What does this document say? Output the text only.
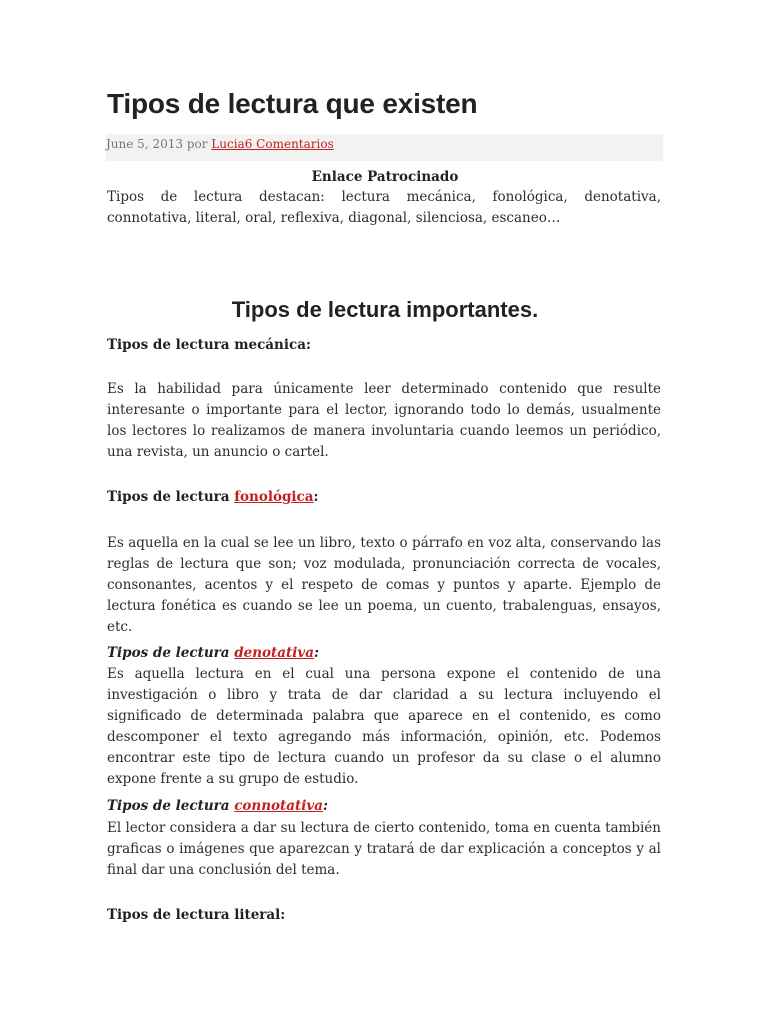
Tipos de lectura que existen
June 5, 2013 por Lucia6 Comentarios
Enlace Patrocinado

Tipos de lectura destacan: lectura mecánica, fonológica, denotativa, connotativa, literal, oral, reflexiva, diagonal, silenciosa, escaneo…

Tipos de lectura importantes.

Tipos de lectura mecánica:

Es la habilidad para únicamente leer determinado contenido que resulte interesante o importante para el lector, ignorando todo lo demás, usualmente los lectores lo realizamos de manera involuntaria cuando leemos un periódico, una revista, un anuncio o cartel.

Tipos de lectura fonológica:

Es aquella en la cual se lee un libro, texto o párrafo en voz alta, conservando las reglas de lectura que son; voz modulada, pronunciación correcta de vocales, consonantes, acentos y el respeto de comas y puntos y aparte. Ejemplo de lectura fonética es cuando se lee un poema, un cuento, trabalenguas, ensayos, etc.

Tipos de lectura denotativa:

Es aquella lectura en el cual una persona expone el contenido de una investigación o libro y trata de dar claridad a su lectura incluyendo el significado de determinada palabra que aparece en el contenido, es como descomponer el texto agregando más información, opinión, etc. Podemos encontrar este tipo de lectura cuando un profesor da su clase o el alumno expone frente a su grupo de estudio.

Tipos de lectura connotativa:

El lector considera a dar su lectura de cierto contenido, toma en cuenta también graficas o imágenes que aparezcan y tratará de dar explicación a conceptos y al final dar una conclusión del tema.

Tipos de lectura literal:
